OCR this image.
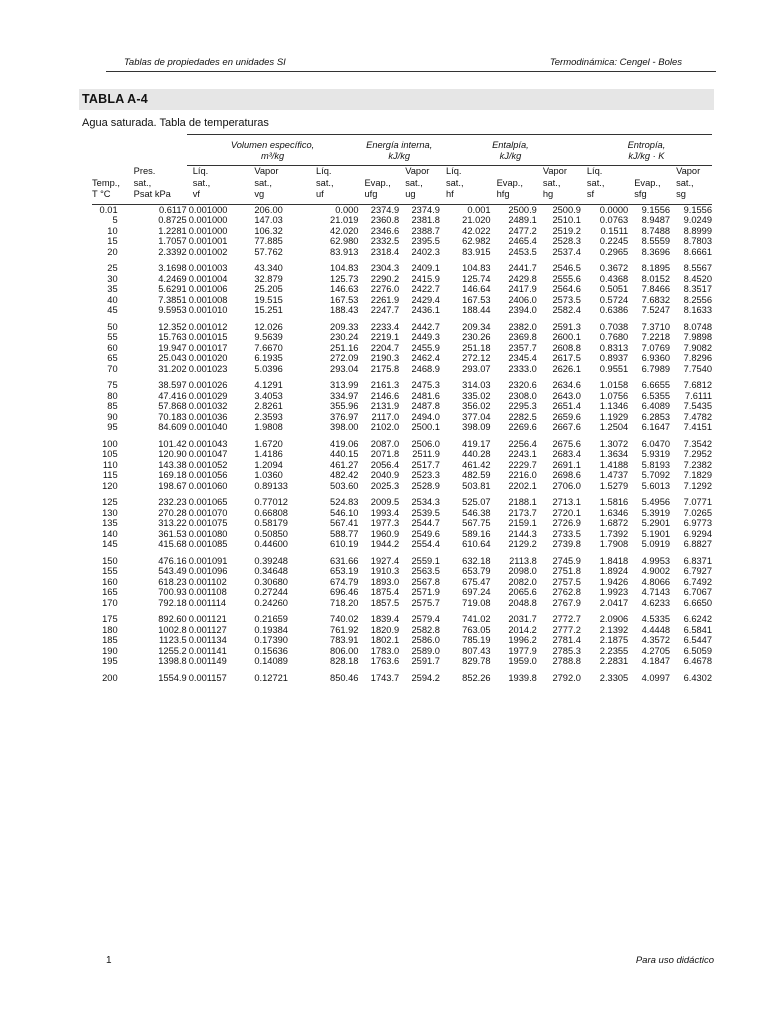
Tablas de propiedades en unidades SI	Termodinámica: Cengel - Boles
TABLA A-4
Agua saturada. Tabla de temperaturas
		Volumen específico,			Energía interna,		Entalpía,			Entropía,		
		m³/kg			kJ/kg		kJ/kg			kJ/kg · K		
	Pres.	Líq.	Vapor	Líq.		Vapor	Líq.		Vapor	Líq.		Vapor
Temp.,	sat.,	sat.,	sat.,	sat.,	Evap.,	sat.,	sat.,	Evap.,	sat.,	sat.,	Evap.,	sat.,
T °C	Psat kPa	vf	vg	uf	ufg	ug	hf	hfg	hg	sf	sfg	sg
0.01	0.6117	0.001000	206.00	0.000	2374.9	2374.9	0.001	2500.9	2500.9	0.0000	9.1556	9.1556
5	0.8725	0.001000	147.03	21.019	2360.8	2381.8	21.020	2489.1	2510.1	0.0763	8.9487	9.0249
10	1.2281	0.001000	106.32	42.020	2346.6	2388.7	42.022	2477.2	2519.2	0.1511	8.7488	8.8999
15	1.7057	0.001001	77.885	62.980	2332.5	2395.5	62.982	2465.4	2528.3	0.2245	8.5559	8.7803
20	2.3392	0.001002	57.762	83.913	2318.4	2402.3	83.915	2453.5	2537.4	0.2965	8.3696	8.6661
25	3.1698	0.001003	43.340	104.83	2304.3	2409.1	104.83	2441.7	2546.5	0.3672	8.1895	8.5567
30	4.2469	0.001004	32.879	125.73	2290.2	2415.9	125.74	2429.8	2555.6	0.4368	8.0152	8.4520
35	5.6291	0.001006	25.205	146.63	2276.0	2422.7	146.64	2417.9	2564.6	0.5051	7.8466	8.3517
40	7.3851	0.001008	19.515	167.53	2261.9	2429.4	167.53	2406.0	2573.5	0.5724	7.6832	8.2556
45	9.5953	0.001010	15.251	188.43	2247.7	2436.1	188.44	2394.0	2582.4	0.6386	7.5247	8.1633
50	12.352	0.001012	12.026	209.33	2233.4	2442.7	209.34	2382.0	2591.3	0.7038	7.3710	8.0748
55	15.763	0.001015	9.5639	230.24	2219.1	2449.3	230.26	2369.8	2600.1	0.7680	7.2218	7.9898
60	19.947	0.001017	7.6670	251.16	2204.7	2455.9	251.18	2357.7	2608.8	0.8313	7.0769	7.9082
65	25.043	0.001020	6.1935	272.09	2190.3	2462.4	272.12	2345.4	2617.5	0.8937	6.9360	7.8296
70	31.202	0.001023	5.0396	293.04	2175.8	2468.9	293.07	2333.0	2626.1	0.9551	6.7989	7.7540
75	38.597	0.001026	4.1291	313.99	2161.3	2475.3	314.03	2320.6	2634.6	1.0158	6.6655	7.6812
80	47.416	0.001029	3.4053	334.97	2146.6	2481.6	335.02	2308.0	2643.0	1.0756	6.5355	7.6111
85	57.868	0.001032	2.8261	355.96	2131.9	2487.8	356.02	2295.3	2651.4	1.1346	6.4089	7.5435
90	70.183	0.001036	2.3593	376.97	2117.0	2494.0	377.04	2282.5	2659.6	1.1929	6.2853	7.4782
95	84.609	0.001040	1.9808	398.00	2102.0	2500.1	398.09	2269.6	2667.6	1.2504	6.1647	7.4151
100	101.42	0.001043	1.6720	419.06	2087.0	2506.0	419.17	2256.4	2675.6	1.3072	6.0470	7.3542
105	120.90	0.001047	1.4186	440.15	2071.8	2511.9	440.28	2243.1	2683.4	1.3634	5.9319	7.2952
110	143.38	0.001052	1.2094	461.27	2056.4	2517.7	461.42	2229.7	2691.1	1.4188	5.8193	7.2382
115	169.18	0.001056	1.0360	482.42	2040.9	2523.3	482.59	2216.0	2698.6	1.4737	5.7092	7.1829
120	198.67	0.001060	0.89133	503.60	2025.3	2528.9	503.81	2202.1	2706.0	1.5279	5.6013	7.1292
125	232.23	0.001065	0.77012	524.83	2009.5	2534.3	525.07	2188.1	2713.1	1.5816	5.4956	7.0771
130	270.28	0.001070	0.66808	546.10	1993.4	2539.5	546.38	2173.7	2720.1	1.6346	5.3919	7.0265
135	313.22	0.001075	0.58179	567.41	1977.3	2544.7	567.75	2159.1	2726.9	1.6872	5.2901	6.9773
140	361.53	0.001080	0.50850	588.77	1960.9	2549.6	589.16	2144.3	2733.5	1.7392	5.1901	6.9294
145	415.68	0.001085	0.44600	610.19	1944.2	2554.4	610.64	2129.2	2739.8	1.7908	5.0919	6.8827
150	476.16	0.001091	0.39248	631.66	1927.4	2559.1	632.18	2113.8	2745.9	1.8418	4.9953	6.8371
155	543.49	0.001096	0.34648	653.19	1910.3	2563.5	653.79	2098.0	2751.8	1.8924	4.9002	6.7927
160	618.23	0.001102	0.30680	674.79	1893.0	2567.8	675.47	2082.0	2757.5	1.9426	4.8066	6.7492
165	700.93	0.001108	0.27244	696.46	1875.4	2571.9	697.24	2065.6	2762.8	1.9923	4.7143	6.7067
170	792.18	0.001114	0.24260	718.20	1857.5	2575.7	719.08	2048.8	2767.9	2.0417	4.6233	6.6650
175	892.60	0.001121	0.21659	740.02	1839.4	2579.4	741.02	2031.7	2772.7	2.0906	4.5335	6.6242
180	1002.8	0.001127	0.19384	761.92	1820.9	2582.8	763.05	2014.2	2777.2	2.1392	4.4448	6.5841
185	1123.5	0.001134	0.17390	783.91	1802.1	2586.0	785.19	1996.2	2781.4	2.1875	4.3572	6.5447
190	1255.2	0.001141	0.15636	806.00	1783.0	2589.0	807.43	1977.9	2785.3	2.2355	4.2705	6.5059
195	1398.8	0.001149	0.14089	828.18	1763.6	2591.7	829.78	1959.0	2788.8	2.2831	4.1847	6.4678
200	1554.9	0.001157	0.12721	850.46	1743.7	2594.2	852.26	1939.8	2792.0	2.3305	4.0997	6.4302
1	Para uso didáctico
